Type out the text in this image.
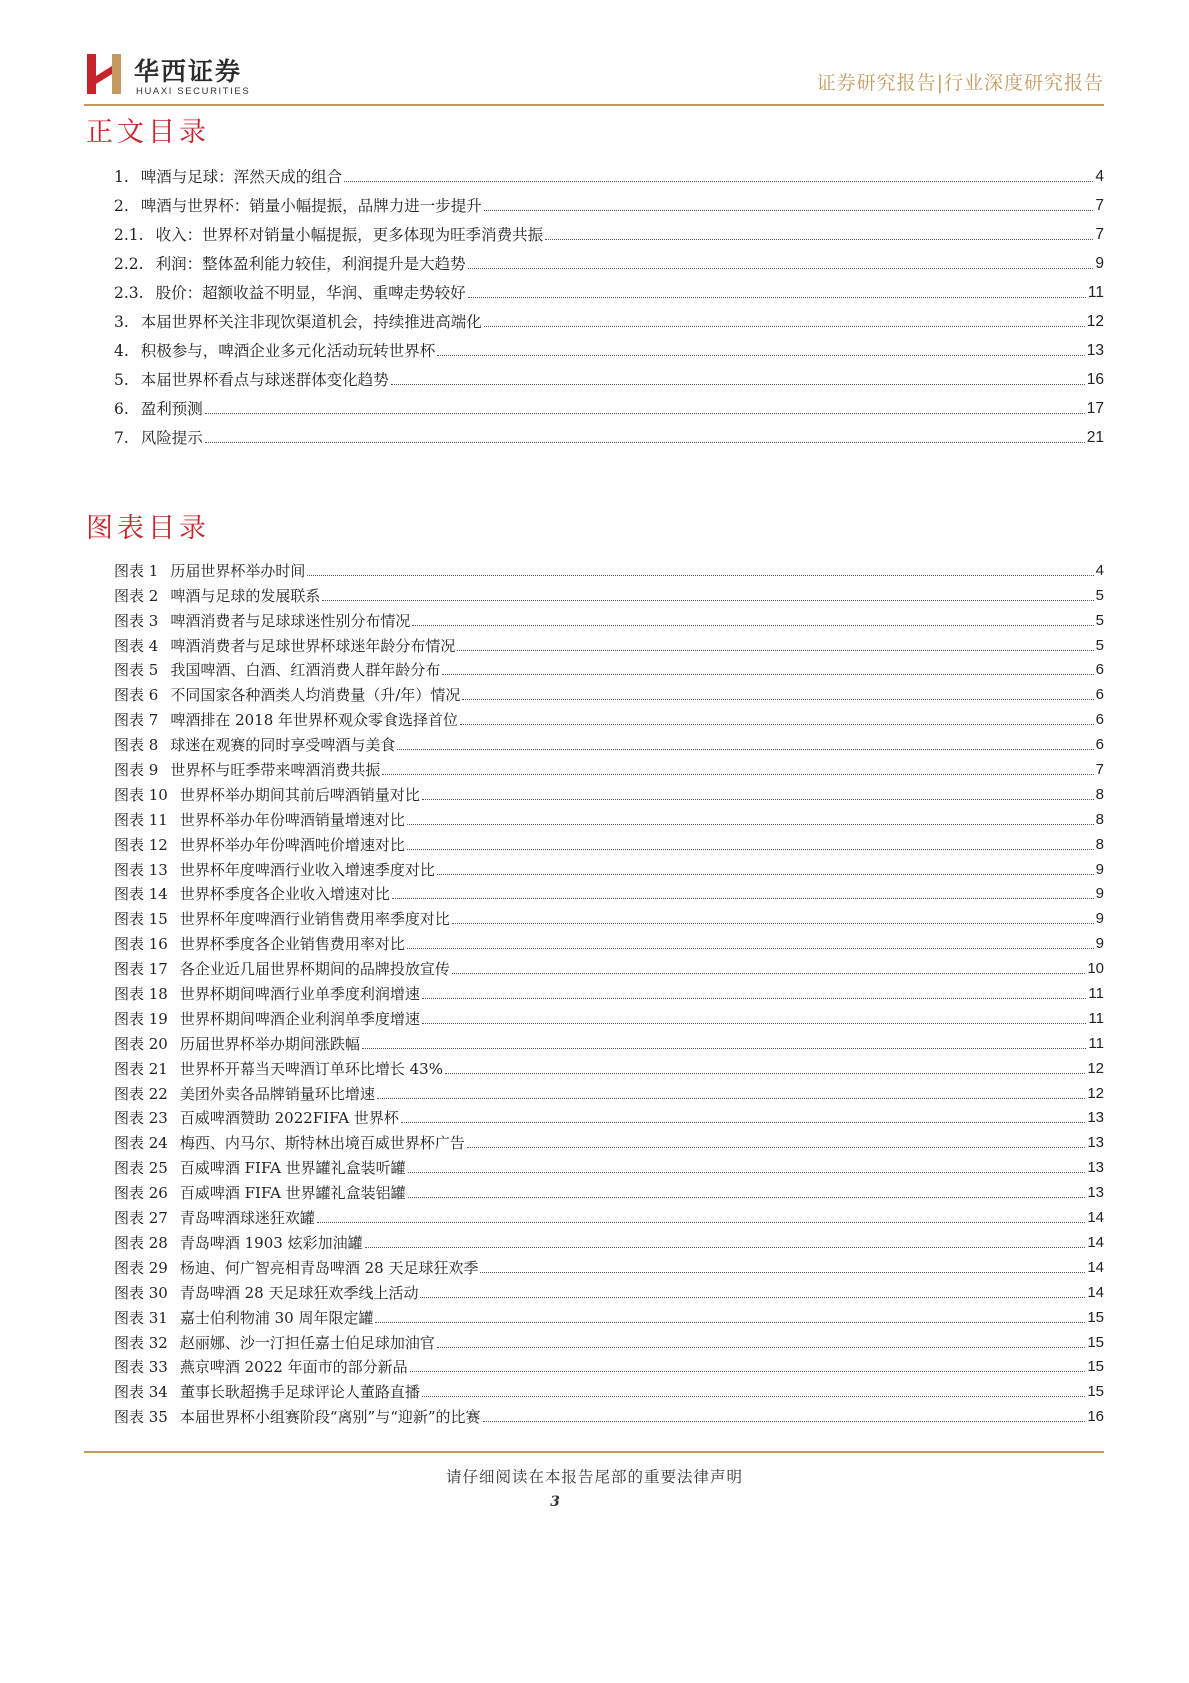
华西证券
HUAXI SECURITIES	证券研究报告|行业深度研究报告
正文目录
1. 啤酒与足球：浑然天成的组合	4
2. 啤酒与世界杯：销量小幅提振，品牌力进一步提升	7
2.1. 收入：世界杯对销量小幅提振，更多体现为旺季消费共振	7
2.2. 利润：整体盈利能力较佳，利润提升是大趋势	9
2.3. 股价：超额收益不明显，华润、重啤走势较好	11
3. 本届世界杯关注非现饮渠道机会，持续推进高端化	12
4. 积极参与，啤酒企业多元化活动玩转世界杯	13
5. 本届世界杯看点与球迷群体变化趋势	16
6. 盈利预测	17
7. 风险提示	21
图表目录
图表 1 历届世界杯举办时间	4
图表 2 啤酒与足球的发展联系	5
图表 3 啤酒消费者与足球球迷性别分布情况	5
图表 4 啤酒消费者与足球世界杯球迷年龄分布情况	5
图表 5 我国啤酒、白酒、红酒消费人群年龄分布	6
图表 6 不同国家各种酒类人均消费量（升/年）情况	6
图表 7 啤酒排在 2018 年世界杯观众零食选择首位	6
图表 8 球迷在观赛的同时享受啤酒与美食	6
图表 9 世界杯与旺季带来啤酒消费共振	7
图表 10 世界杯举办期间其前后啤酒销量对比	8
图表 11 世界杯举办年份啤酒销量增速对比	8
图表 12 世界杯举办年份啤酒吨价增速对比	8
图表 13 世界杯年度啤酒行业收入增速季度对比	9
图表 14 世界杯季度各企业收入增速对比	9
图表 15 世界杯年度啤酒行业销售费用率季度对比	9
图表 16 世界杯季度各企业销售费用率对比	9
图表 17 各企业近几届世界杯期间的品牌投放宣传	10
图表 18 世界杯期间啤酒行业单季度利润增速	11
图表 19 世界杯期间啤酒企业利润单季度增速	11
图表 20 历届世界杯举办期间涨跌幅	11
图表 21 世界杯开幕当天啤酒订单环比增长 43%	12
图表 22 美团外卖各品牌销量环比增速	12
图表 23 百威啤酒赞助 2022FIFA 世界杯	13
图表 24 梅西、内马尔、斯特林出境百威世界杯广告	13
图表 25 百威啤酒 FIFA 世界罐礼盒装听罐	13
图表 26 百威啤酒 FIFA 世界罐礼盒装铝罐	13
图表 27 青岛啤酒球迷狂欢罐	14
图表 28 青岛啤酒 1903 炫彩加油罐	14
图表 29 杨迪、何广智亮相青岛啤酒 28 天足球狂欢季	14
图表 30 青岛啤酒 28 天足球狂欢季线上活动	14
图表 31 嘉士伯利物浦 30 周年限定罐	15
图表 32 赵丽娜、沙一汀担任嘉士伯足球加油官	15
图表 33 燕京啤酒 2022 年面市的部分新品	15
图表 34 董事长耿超携手足球评论人董路直播	15
图表 35 本届世界杯小组赛阶段“离别”与“迎新”的比赛	16
请仔细阅读在本报告尾部的重要法律声明
3
